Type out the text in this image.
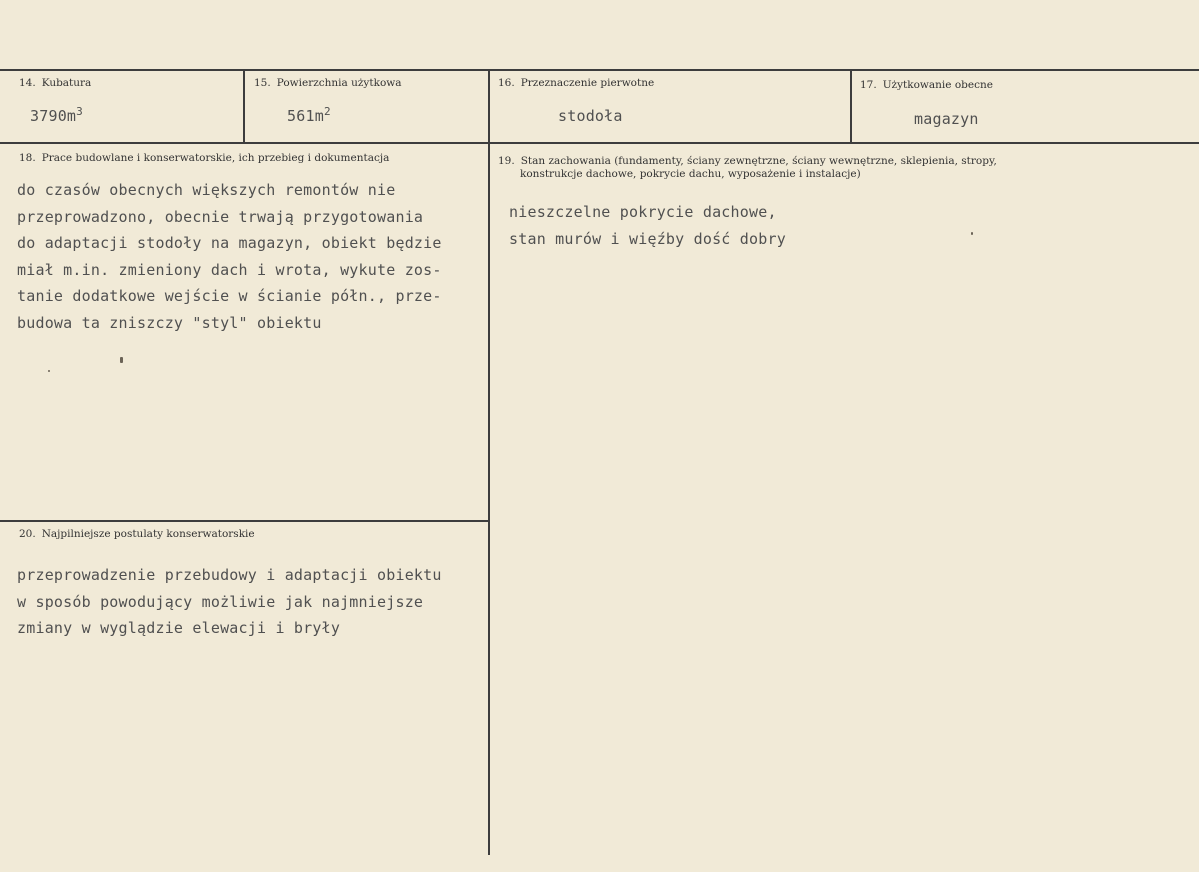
14. Kubatura
$3790m^3$
15. Powierzchnia użytkowa
$561m^2$
16. Przeznaczenie pierwotne
stodoła
17. Użytkowanie obecne
magazyn
18. Prace budowlane i konserwatorskie, ich przebieg i dokumentacja
do czasów obecnych większych remontów nie
przeprowadzono, obecnie trwają przygotowania
do adaptacji stodoły na magazyn, obiekt będzie
miał m.in. zmieniony dach i wrota, wykute zos-
tanie dodatkowe wejście w ścianie półn., prze-
budowa ta zniszczy "styl" obiektu
19. Stan zachowania (fundamenty, ściany zewnętrzne, ściany wewnętrzne, sklepienia, stropy,
konstrukcje dachowe, pokrycie dachu, wyposażenie i instalacje)
nieszczelne pokrycie dachowe,
stan murów i więźby dość dobry
20. Najpilniejsze postulaty konserwatorskie
przeprowadzenie przebudowy i adaptacji obiektu
w sposób powodujący możliwie jak najmniejsze
zmiany w wyglądzie elewacji i bryły
